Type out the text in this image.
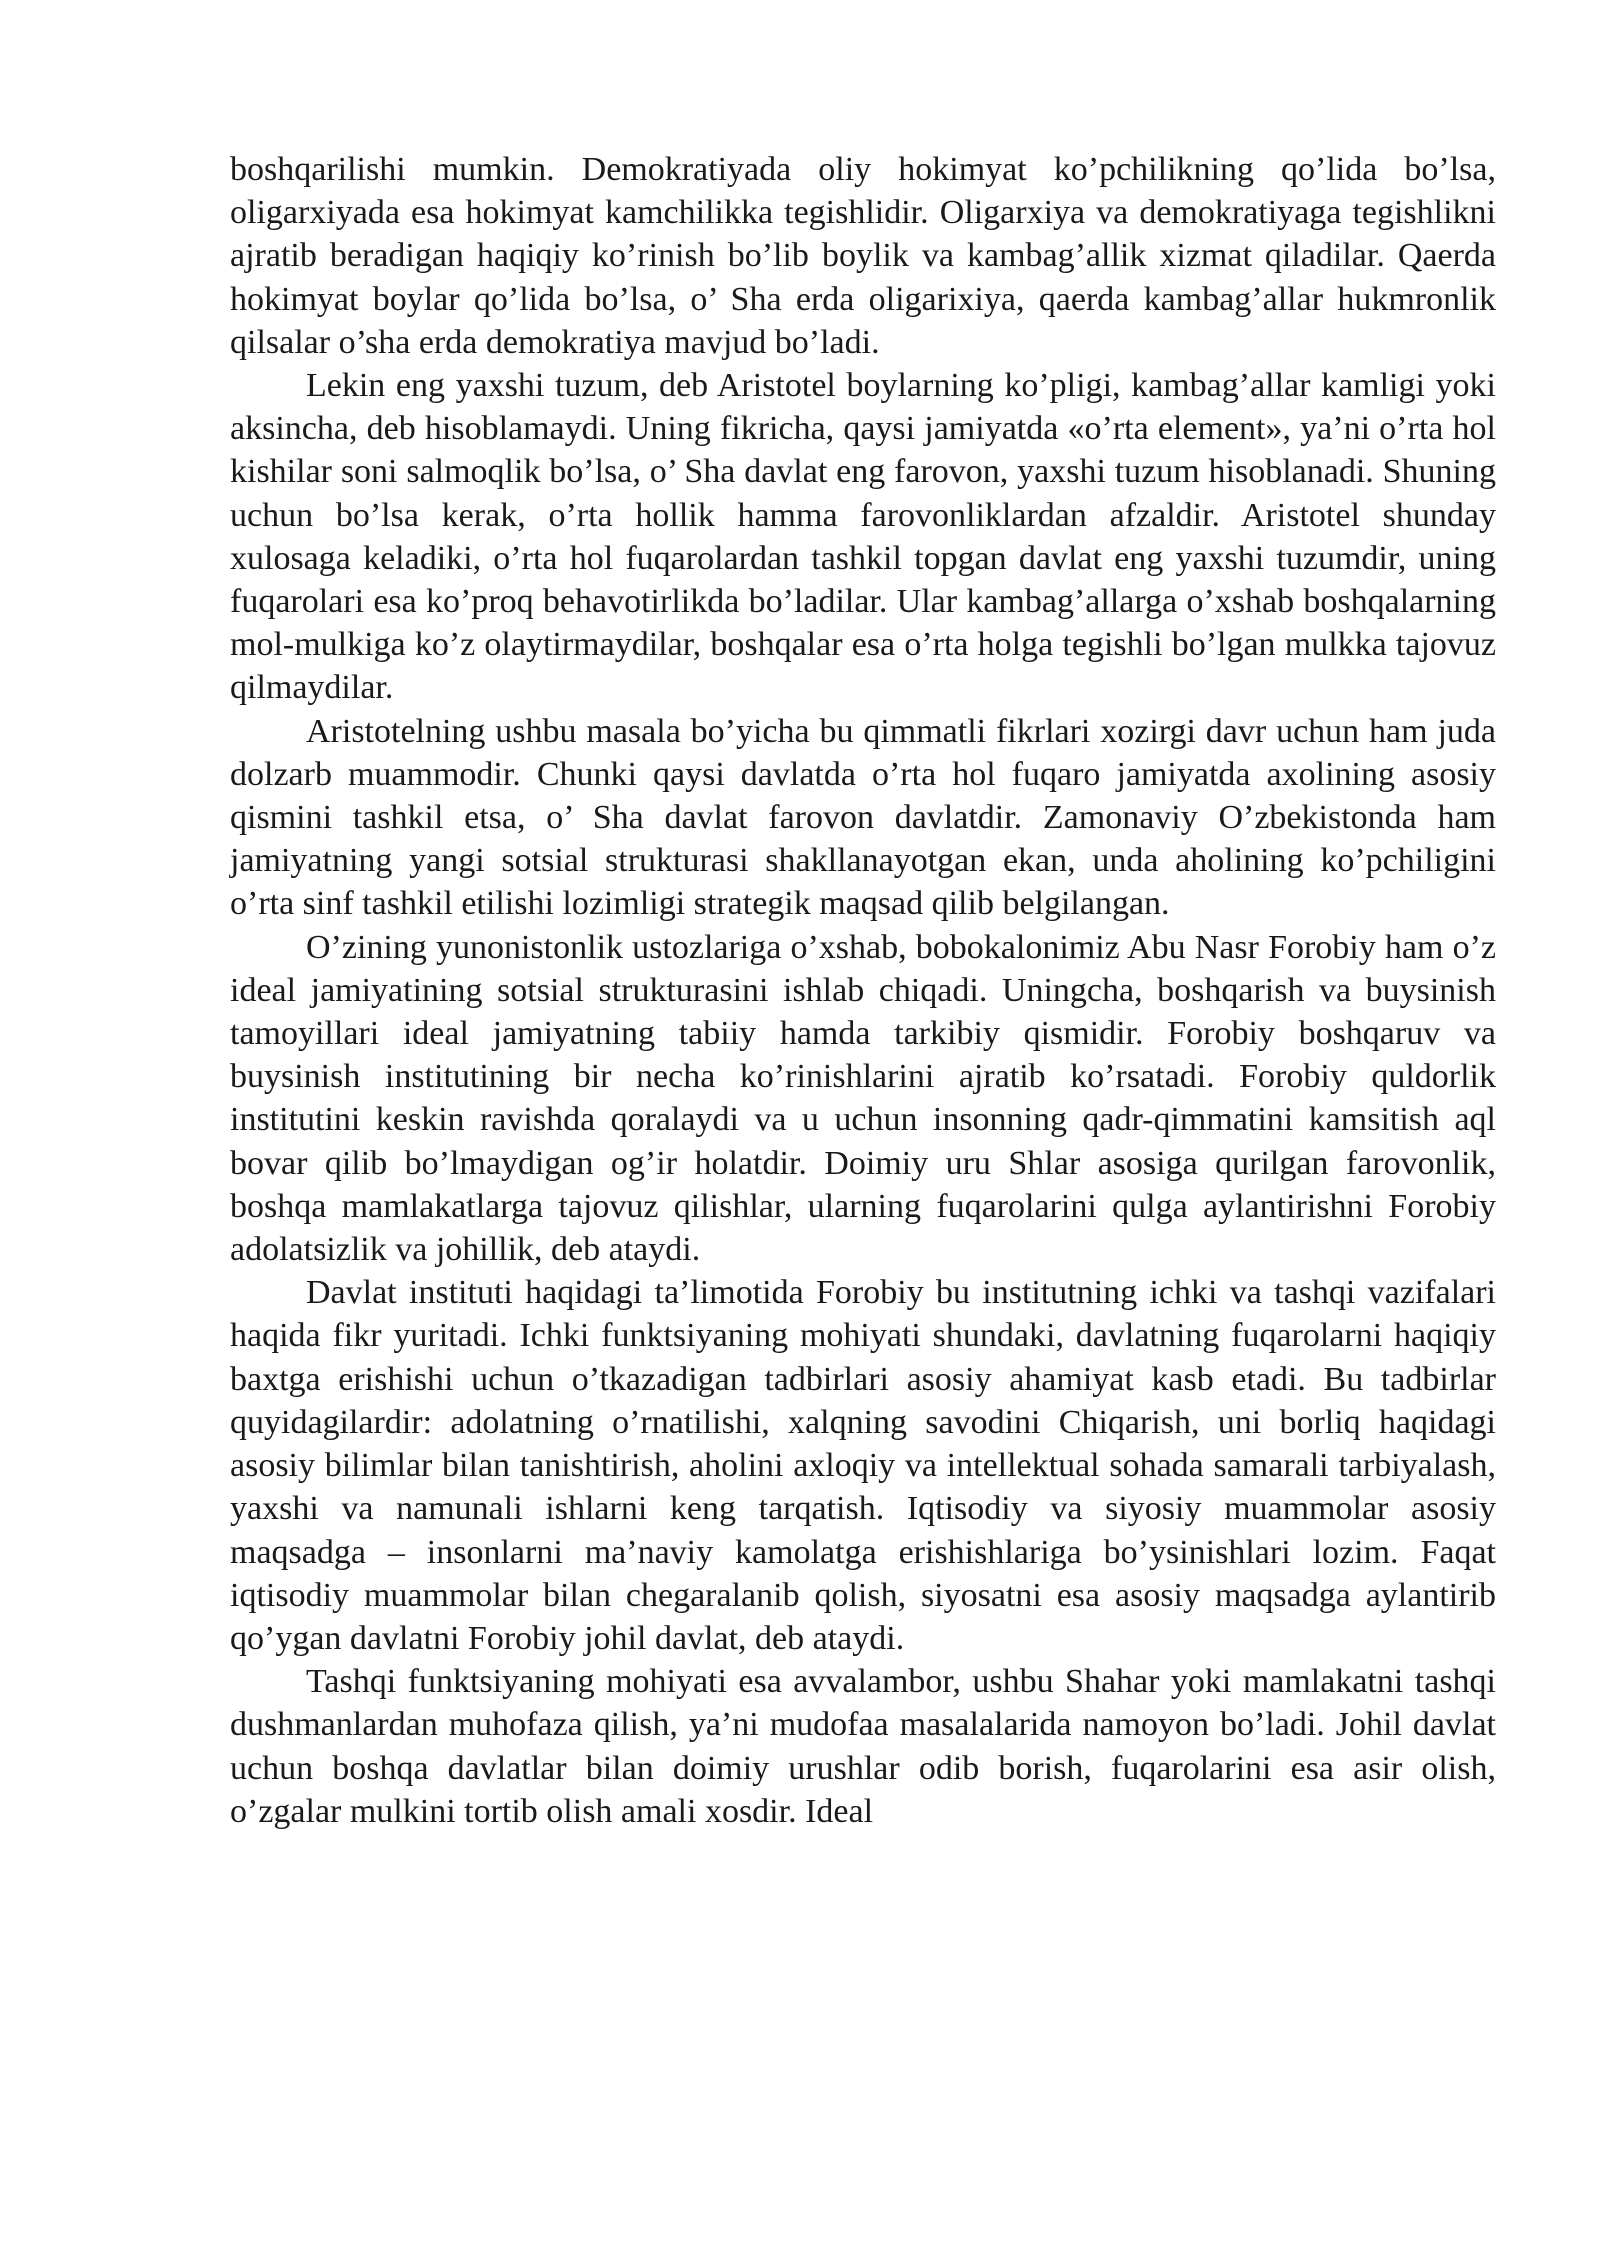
boshqarilishi mumkin. Demokratiyada oliy hokimyat ko’pchilikning qo’lida bo’lsa, oligarxiyada esa hokimyat kamchilikka tegishlidir. Oligarxiya va demokratiyaga tegishlikni ajratib beradigan haqiqiy ko’rinish bo’lib boylik va kambag’allik xizmat qiladilar. Qaerda hokimyat boylar qo’lida bo’lsa, o’ Sha erda oligarixiya, qaerda kambag’allar hukmronlik qilsalar o’sha erda demokratiya mavjud bo’ladi.

Lekin eng yaxshi tuzum, deb Aristotel boylarning ko’pligi, kambag’allar kamligi yoki aksincha, deb hisoblamaydi. Uning fikricha, qaysi jamiyatda «o’rta element», ya’ni o’rta hol kishilar soni salmoqlik bo’lsa, o’ Sha davlat eng farovon, yaxshi tuzum hisoblanadi. Shuning uchun bo’lsa kerak, o’rta hollik hamma farovonliklardan afzaldir. Aristotel shunday xulosaga keladiki, o’rta hol fuqarolardan tashkil topgan davlat eng yaxshi tuzumdir, uning fuqarolari esa ko’proq behavotirlikda bo’ladilar. Ular kambag’allarga o’xshab boshqalarning mol-mulkiga ko’z olaytirmaydilar, boshqalar esa o’rta holga tegishli bo’lgan mulkka tajovuz qilmaydilar.

Aristotelning ushbu masala bo’yicha bu qimmatli fikrlari xozirgi davr uchun ham juda dolzarb muammodir. Chunki qaysi davlatda o’rta hol fuqaro jamiyatda axolining asosiy qismini tashkil etsa, o’ Sha davlat farovon davlatdir. Zamonaviy O’zbekistonda ham jamiyatning yangi sotsial strukturasi shakllanayotgan ekan, unda aholining ko’pchiligini o’rta sinf tashkil etilishi lozimligi strategik maqsad qilib belgilangan.

O’zining yunonistonlik ustozlariga o’xshab, bobokalonimiz Abu Nasr Forobiy ham o’z ideal jamiyatining sotsial strukturasini ishlab chiqadi. Uningcha, boshqarish va buysinish tamoyillari ideal jamiyatning tabiiy hamda tarkibiy qismidir. Forobiy boshqaruv va buysinish institutining bir necha ko’rinishlarini ajratib ko’rsatadi. Forobiy quldorlik institutini keskin ravishda qoralaydi va u uchun insonning qadr-qimmatini kamsitish aql bovar qilib bo’lmaydigan og’ir holatdir. Doimiy uru Shlar asosiga qurilgan farovonlik, boshqa mamlakatlarga tajovuz qilishlar, ularning fuqarolarini qulga aylantirishni Forobiy adolatsizlik va johillik, deb ataydi.

Davlat instituti haqidagi ta’limotida Forobiy bu institutning ichki va tashqi vazifalari haqida fikr yuritadi. Ichki funktsiyaning mohiyati shundaki, davlatning fuqarolarni haqiqiy baxtga erishishi uchun o’tkazadigan tadbirlari asosiy ahamiyat kasb etadi. Bu tadbirlar quyidagilardir: adolatning o’rnatilishi, xalqning savodini Chiqarish, uni borliq haqidagi asosiy bilimlar bilan tanishtirish, aholini axloqiy va intellektual sohada samarali tarbiyalash, yaxshi va namunali ishlarni keng tarqatish. Iqtisodiy va siyosiy muammolar asosiy maqsadga – insonlarni ma’naviy kamolatga erishishlariga bo’ysinishlari lozim. Faqat iqtisodiy muammolar bilan chegaralanib qolish, siyosatni esa asosiy maqsadga aylantirib qo’ygan davlatni Forobiy johil davlat, deb ataydi.

Tashqi funktsiyaning mohiyati esa avvalambor, ushbu Shahar yoki mamlakatni tashqi dushmanlardan muhofaza qilish, ya’ni mudofaa masalalarida namoyon bo’ladi. Johil davlat uchun boshqa davlatlar bilan doimiy urushlar odib borish, fuqarolarini esa asir olish, o’zgalar mulkini tortib olish amali xosdir. Ideal
